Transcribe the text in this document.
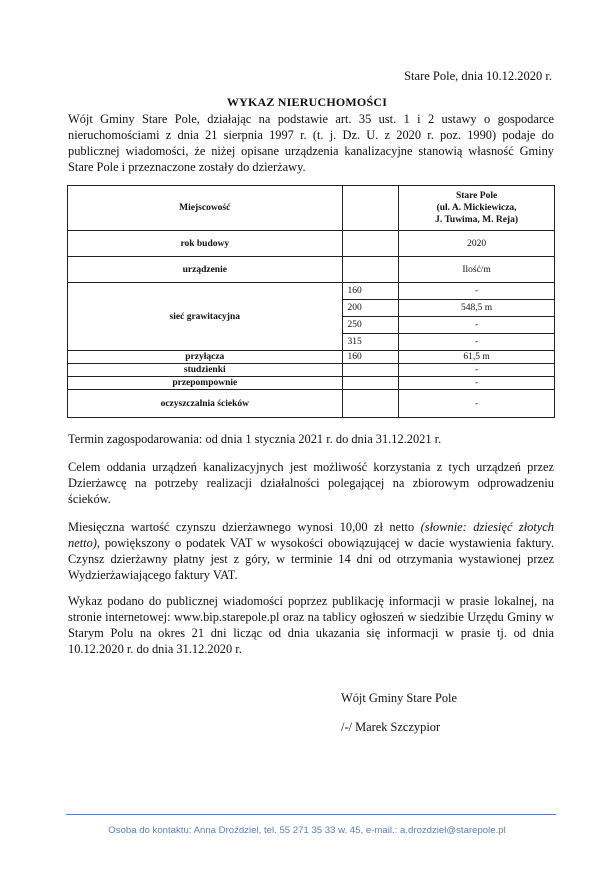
Stare Pole, dnia 10.12.2020 r.
WYKAZ NIERUCHOMOŚCI
Wójt Gminy Stare Pole, działając na podstawie art. 35 ust. 1 i 2 ustawy o gospodarce nieruchomościami z dnia 21 sierpnia 1997 r. (t. j. Dz. U. z 2020 r. poz. 1990) podaje do publicznej wiadomości, że niżej opisane urządzenia kanalizacyjne stanowią własność Gminy Stare Pole i przeznaczone zostały do dzierżawy.
Miejscowość		Stare Pole
(ul. A. Mickiewicza,
J. Tuwima, M. Reja)

rok budowy		2020
urządzenie		Ilość/m
sieć grawitacyjna	160	-
	200	548,5 m
	250	-
	315	-
przyłącza	160	61,5 m
studzienki		-
przepompownie		-
oczyszczalnia ścieków		-
Termin zagospodarowania: od dnia 1 stycznia 2021 r. do dnia 31.12.2021 r.
Celem oddania urządzeń kanalizacyjnych jest możliwość korzystania z tych urządzeń przez Dzierżawcę na potrzeby realizacji działalności polegającej na zbiorowym odprowadzeniu ścieków.
Miesięczna wartość czynszu dzierżawnego wynosi 10,00 zł netto (słownie: dziesięć złotych netto), powiększony o podatek VAT w wysokości obowiązującej w dacie wystawienia faktury. Czynsz dzierżawny płatny jest z góry, w terminie 14 dni od otrzymania wystawionej przez Wydzierżawiającego faktury VAT.
Wykaz podano do publicznej wiadomości poprzez publikację informacji w prasie lokalnej, na stronie internetowej: www.bip.starepole.pl oraz na tablicy ogłoszeń w siedzibie Urzędu Gminy w Starym Polu na okres 21 dni licząc od dnia ukazania się informacji w prasie tj. od dnia 10.12.2020 r. do dnia 31.12.2020 r.
Wójt Gminy Stare Pole
/-/ Marek Szczypior
Osoba do kontaktu: Anna Droździel, tel. 55 271 35 33 w. 45, e-mail.: a.drozdziel@starepole.pl
